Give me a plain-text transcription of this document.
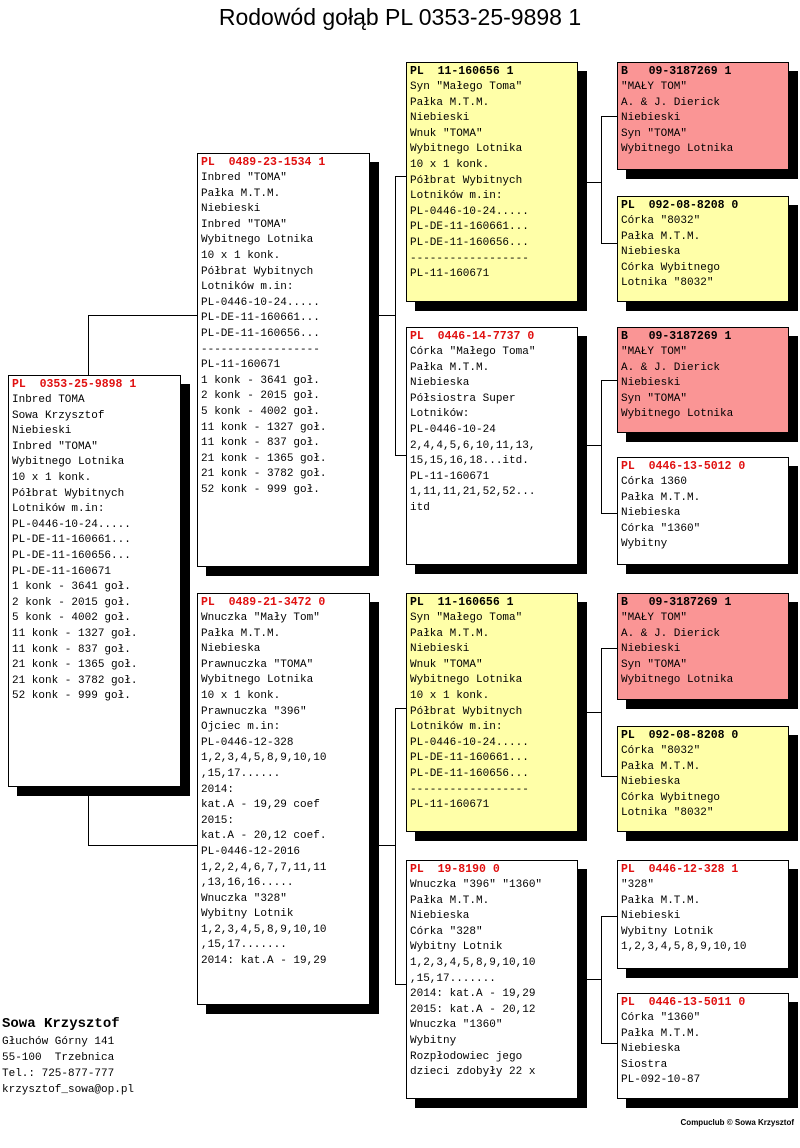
Rodowód gołąb PL 0353-25-9898 1
PL  0353-25-9898 1
Inbred TOMA
Sowa Krzysztof
Niebieski
Inbred "TOMA"
Wybitnego Lotnika
10 x 1 konk.
Półbrat Wybitnych
Lotników m.in:
PL-0446-10-24.....
PL-DE-11-160661...
PL-DE-11-160656...
PL-DE-11-160671
1 konk - 3641 goł.
2 konk - 2015 goł.
5 konk - 4002 goł.
11 konk - 1327 goł.
11 konk - 837 goł.
21 konk - 1365 goł.
21 konk - 3782 goł.
52 konk - 999 goł.
PL  0489-23-1534 1
Inbred "TOMA"
Pałka M.T.M.
Niebieski
Inbred "TOMA"
Wybitnego Lotnika
10 x 1 konk.
Półbrat Wybitnych
Lotników m.in:
PL-0446-10-24.....
PL-DE-11-160661...
PL-DE-11-160656...
------------------
PL-11-160671
1 konk - 3641 goł.
2 konk - 2015 goł.
5 konk - 4002 goł.
11 konk - 1327 goł.
11 konk - 837 goł.
21 konk - 1365 goł.
21 konk - 3782 goł.
52 konk - 999 goł.
PL  0489-21-3472 0
Wnuczka "Mały Tom"
Pałka M.T.M.
Niebieska
Prawnuczka "TOMA"
Wybitnego Lotnika
10 x 1 konk.
Prawnuczka "396"
Ojciec m.in:
PL-0446-12-328
1,2,3,4,5,8,9,10,10
,15,17......
2014:
kat.A - 19,29 coef
2015:
kat.A - 20,12 coef.
PL-0446-12-2016
1,2,2,4,6,7,7,11,11
,13,16,16.....
Wnuczka "328"
Wybitny Lotnik
1,2,3,4,5,8,9,10,10
,15,17.......
2014: kat.A - 19,29
PL  11-160656 1
Syn "Małego Toma"
Pałka M.T.M.
Niebieski
Wnuk "TOMA"
Wybitnego Lotnika
10 x 1 konk.
Półbrat Wybitnych
Lotników m.in:
PL-0446-10-24.....
PL-DE-11-160661...
PL-DE-11-160656...
------------------
PL-11-160671
PL  0446-14-7737 0
Córka "Małego Toma"
Pałka M.T.M.
Niebieska
Półsiostra Super
Lotników:
PL-0446-10-24
2,4,4,5,6,10,11,13,
15,15,16,18...itd.
PL-11-160671
1,11,11,21,52,52...
itd
PL  11-160656 1
Syn "Małego Toma"
Pałka M.T.M.
Niebieski
Wnuk "TOMA"
Wybitnego Lotnika
10 x 1 konk.
Półbrat Wybitnych
Lotników m.in:
PL-0446-10-24.....
PL-DE-11-160661...
PL-DE-11-160656...
------------------
PL-11-160671
PL  19-8190 0
Wnuczka "396" "1360"
Pałka M.T.M.
Niebieska
Córka "328"
Wybitny Lotnik
1,2,3,4,5,8,9,10,10
,15,17.......
2014: kat.A - 19,29
2015: kat.A - 20,12
Wnuczka "1360"
Wybitny
Rozpłodowiec jego
dzieci zdobyły 22 x
B   09-3187269 1
"MAŁY TOM"
A. & J. Dierick
Niebieski
Syn "TOMA"
Wybitnego Lotnika
PL  092-08-8208 0
Córka "8032"
Pałka M.T.M.
Niebieska
Córka Wybitnego
Lotnika "8032"
B   09-3187269 1
"MAŁY TOM"
A. & J. Dierick
Niebieski
Syn "TOMA"
Wybitnego Lotnika
PL  0446-13-5012 0
Córka 1360
Pałka M.T.M.
Niebieska
Córka "1360"
Wybitny
B   09-3187269 1
"MAŁY TOM"
A. & J. Dierick
Niebieski
Syn "TOMA"
Wybitnego Lotnika
PL  092-08-8208 0
Córka "8032"
Pałka M.T.M.
Niebieska
Córka Wybitnego
Lotnika "8032"
PL  0446-12-328 1
"328"
Pałka M.T.M.
Niebieski
Wybitny Lotnik
1,2,3,4,5,8,9,10,10
PL  0446-13-5011 0
Córka "1360"
Pałka M.T.M.
Niebieska
Siostra
PL-092-10-87
Sowa Krzysztof
Głuchów Górny 141
55-100  Trzebnica
Tel.: 725-877-777
krzysztof_sowa@op.pl
Compuclub © Sowa Krzysztof
